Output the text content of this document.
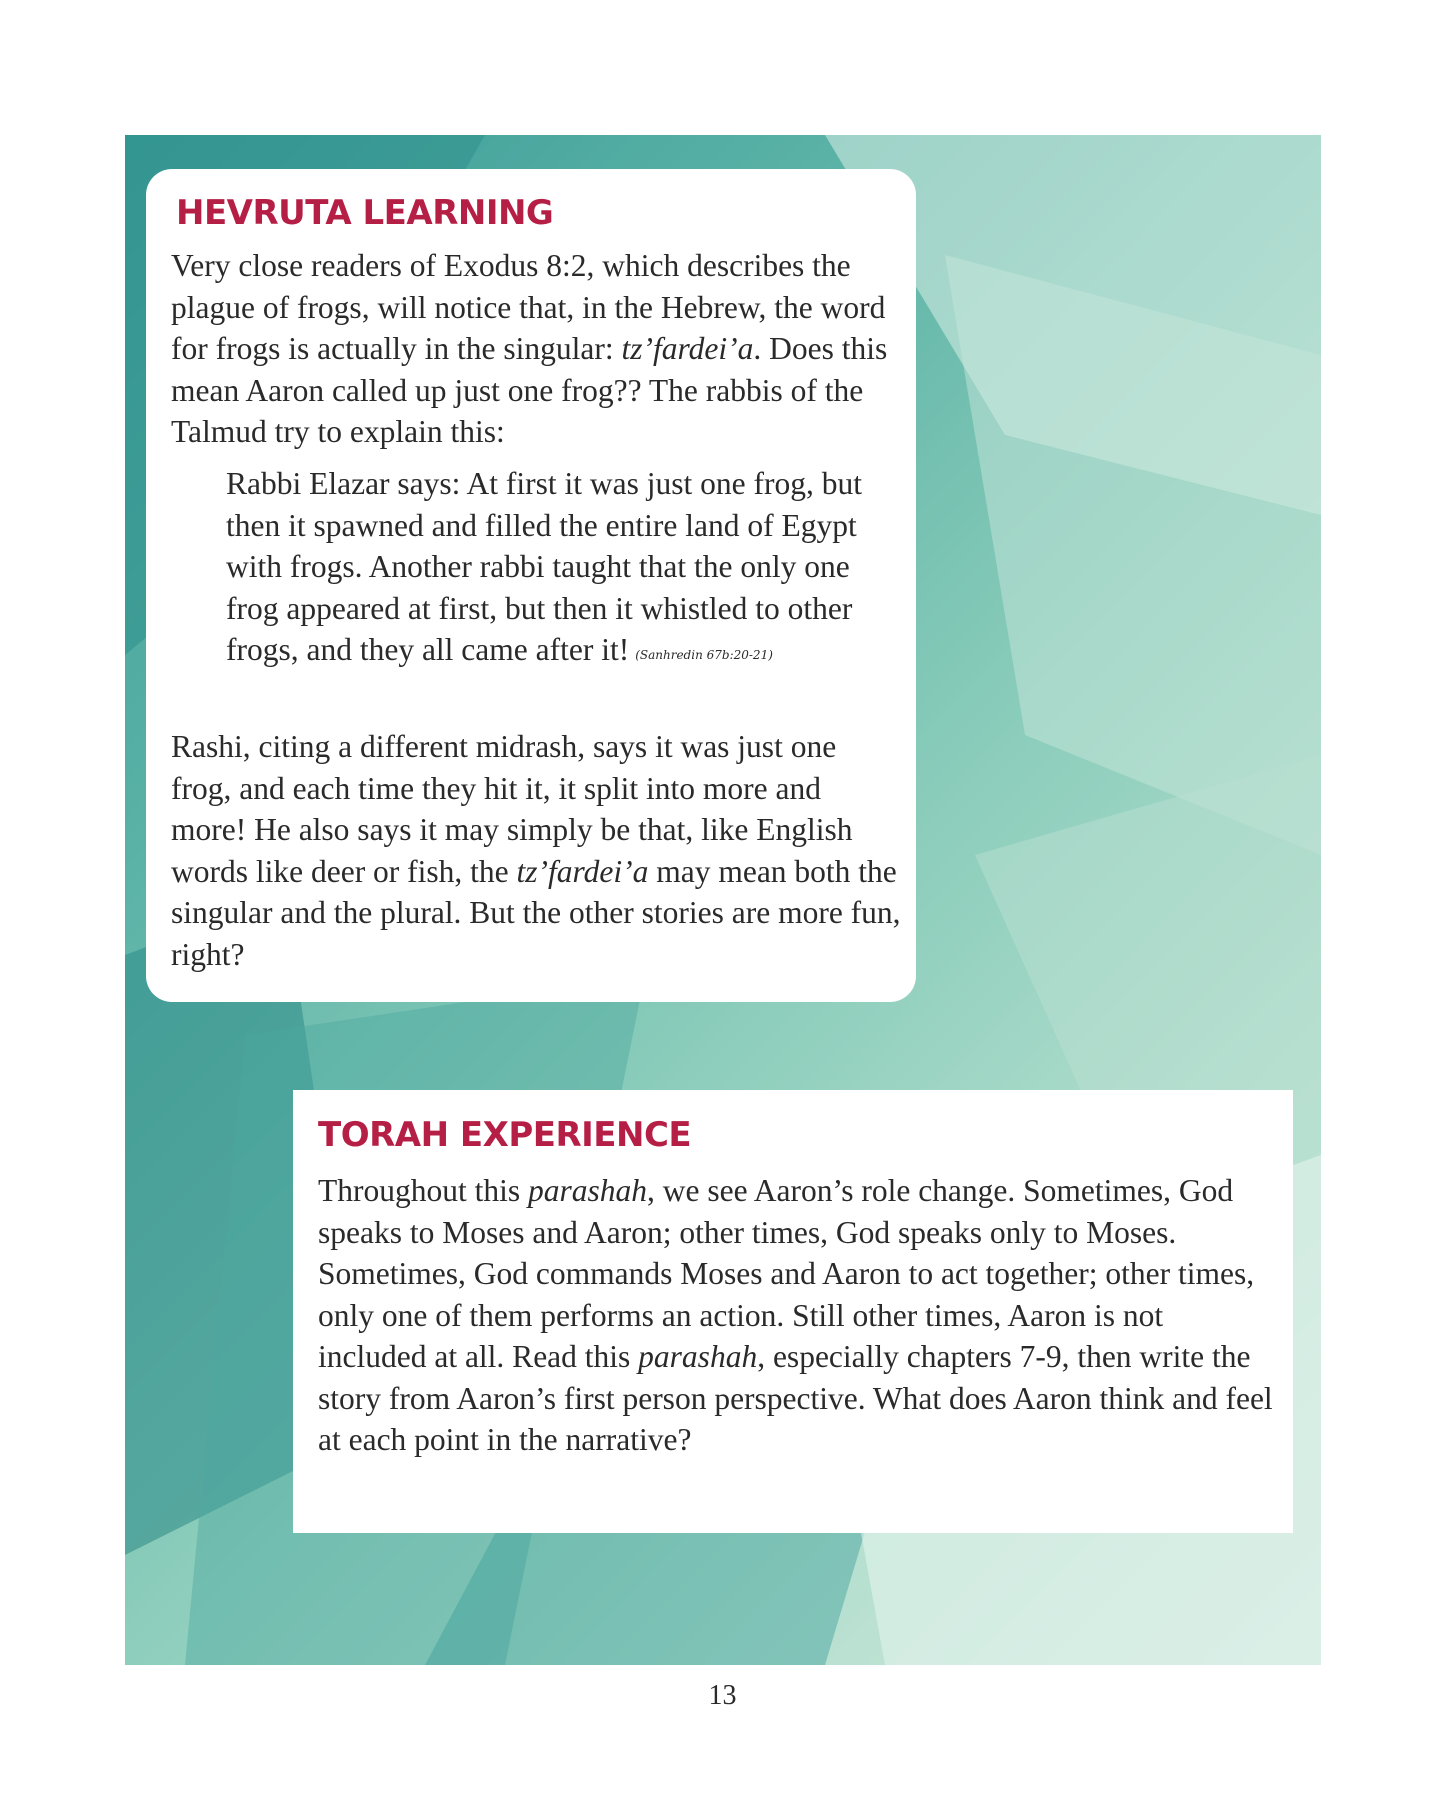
HEVRUTA LEARNING

Very close readers of Exodus 8:2, which describes the plague of frogs, will notice that, in the Hebrew, the word for frogs is actually in the singular: tz’fardei’a. Does this mean Aaron called up just one frog?? The rabbis of the Talmud try to explain this:

Rabbi Elazar says: At first it was just one frog, but then it spawned and filled the entire land of Egypt with frogs. Another rabbi taught that the only one frog appeared at first, but then it whistled to other frogs, and they all came after it! (Sanhredin 67b:20-21)

Rashi, citing a different midrash, says it was just one frog, and each time they hit it, it split into more and more! He also says it may simply be that, like English words like deer or fish, the tz’fardei’a may mean both the singular and the plural. But the other stories are more fun, right?

TORAH EXPERIENCE

Throughout this parashah, we see Aaron’s role change. Sometimes, God speaks to Moses and Aaron; other times, God speaks only to Moses. Sometimes, God commands Moses and Aaron to act together; other times, only one of them performs an action. Still other times, Aaron is not included at all. Read this parashah, especially chapters 7-9, then write the story from Aaron’s first person perspective. What does Aaron think and feel at each point in the narrative?

13
